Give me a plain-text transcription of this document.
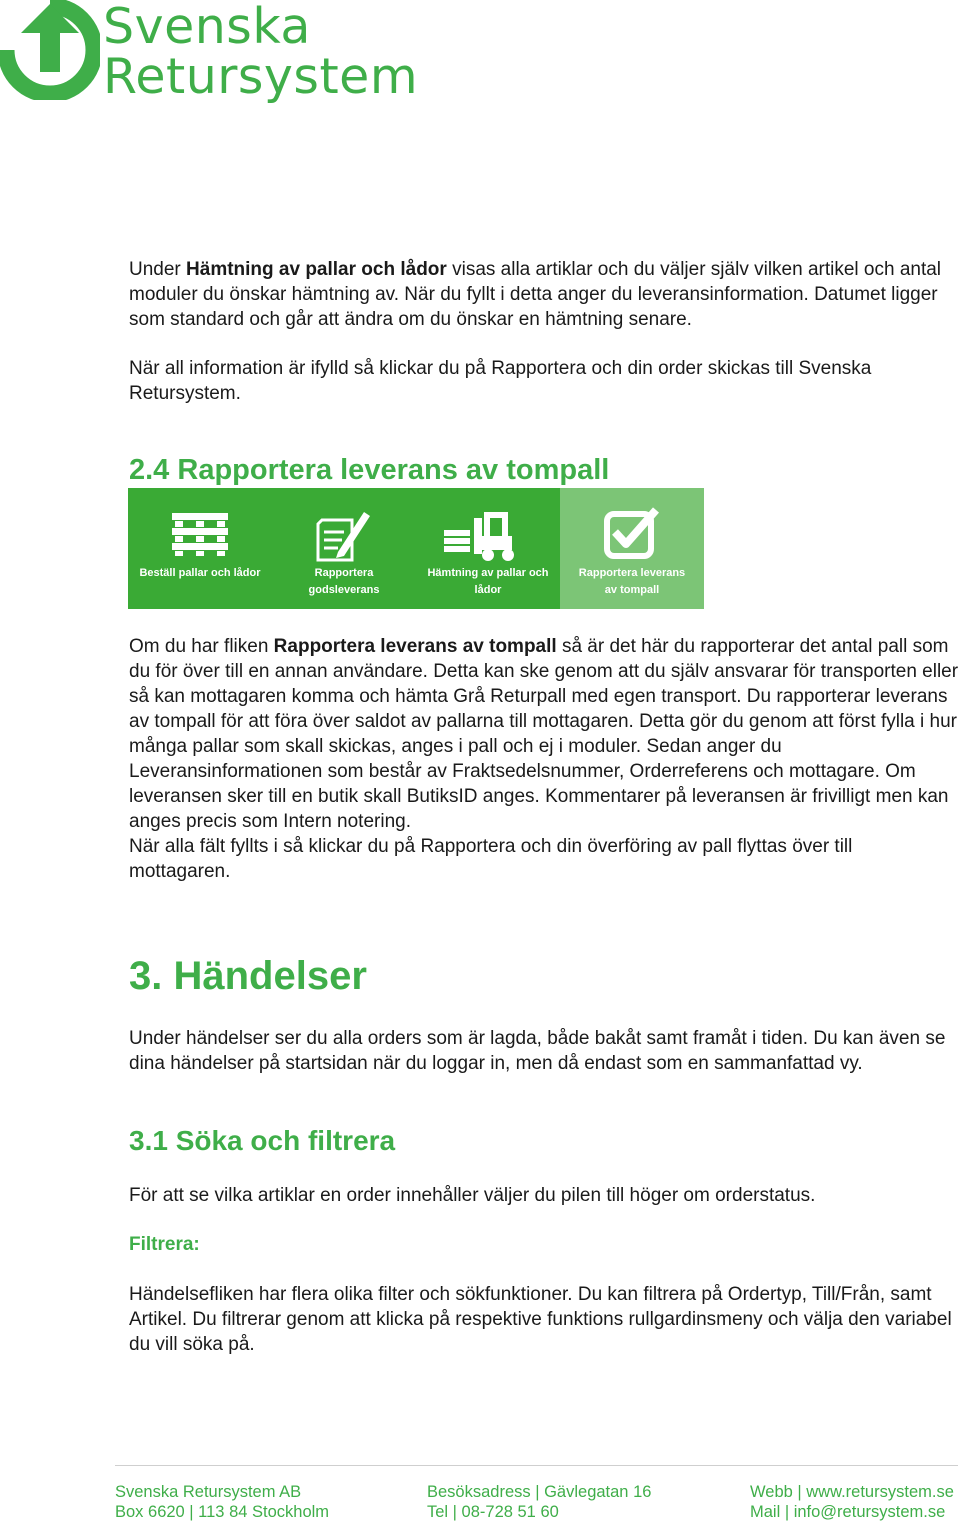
Svenska
Retursystem

Under Hämtning av pallar och lådor visas alla artiklar och du väljer själv vilken artikel och antal moduler du önskar hämtning av. När du fyllt i detta anger du leveransinformation. Datumet ligger som standard och går att ändra om du önskar en hämtning senare.

När all information är ifylld så klickar du på Rapportera och din order skickas till Svenska Retursystem.

2.4 Rapportera leverans av tompall
Beställ pallar och lådor	Rapportera
godsleverans
Hämtning av pallar och
lådor
Rapportera leverans
av tompall

Om du har fliken Rapportera leverans av tompall så är det här du rapporterar det antal pall som du för över till en annan användare. Detta kan ske genom att du själv ansvarar för transporten eller så kan mottagaren komma och hämta Grå Returpall med egen transport. Du rapporterar leverans av tompall för att föra över saldot av pallarna till mottagaren. Detta gör du genom att först fylla i hur många pallar som skall skickas, anges i pall och ej i moduler. Sedan anger du Leveransinformationen som består av Fraktsedelsnummer, Orderreferens och mottagare. Om leveransen sker till en butik skall ButiksID anges. Kommentarer på leveransen är frivilligt men kan anges precis som Intern notering.

När alla fält fyllts i så klickar du på Rapportera och din överföring av pall flyttas över till mottagaren.

3. Händelser

Under händelser ser du alla orders som är lagda, både bakåt samt framåt i tiden. Du kan även se dina händelser på startsidan när du loggar in, men då endast som en sammanfattad vy.

3.1 Söka och filtrera

För att se vilka artiklar en order innehåller väljer du pilen till höger om orderstatus.

Filtrera:

Händelsefliken har flera olika filter och sökfunktioner. Du kan filtrera på Ordertyp, Till/Från, samt Artikel. Du filtrerar genom att klicka på respektive funktions rullgardinsmeny och välja den variabel du vill söka på.

Svenska Retursystem AB
Box 6620 | 113 84 Stockholm
Besöksadress | Gävlegatan 16
Tel | 08-728 51 60
Webb | www.retursystem.se
Mail | info@retursystem.se
